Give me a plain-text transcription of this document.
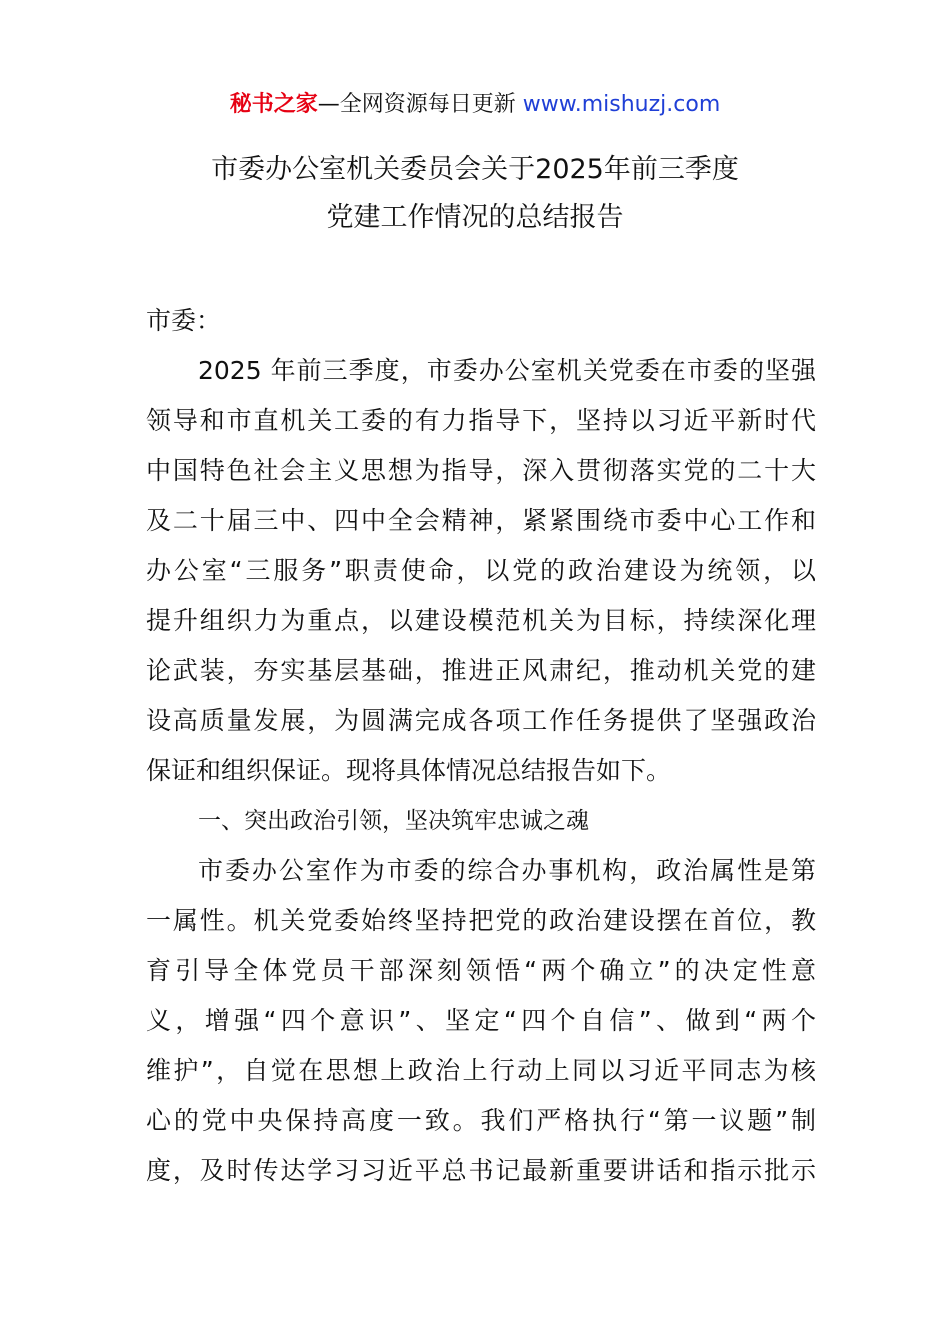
秘书之家—全网资源每日更新 www.mishuzj.com
市委办公室机关委员会关于2025年前三季度
党建工作情况的总结报告
市委：
2025 年前三季度，市委办公室机关党委在市委的坚强
领导和市直机关工委的有力指导下，坚持以习近平新时代
中国特色社会主义思想为指导，深入贯彻落实党的二十大
及二十届三中、四中全会精神，紧紧围绕市委中心工作和
办公室“三服务”职责使命，以党的政治建设为统领，以
提升组织力为重点，以建设模范机关为目标，持续深化理
论武装，夯实基层基础，推进正风肃纪，推动机关党的建
设高质量发展，为圆满完成各项工作任务提供了坚强政治
保证和组织保证。现将具体情况总结报告如下。
一、突出政治引领，坚决筑牢忠诚之魂
市委办公室作为市委的综合办事机构，政治属性是第
一属性。机关党委始终坚持把党的政治建设摆在首位，教
育引导全体党员干部深刻领悟“两个确立”的决定性意
义，增强“四个意识”、坚定“四个自信”、做到“两个
维护”，自觉在思想上政治上行动上同以习近平同志为核
心的党中央保持高度一致。我们严格执行“第一议题”制
度，及时传达学习习近平总书记最新重要讲话和指示批示
